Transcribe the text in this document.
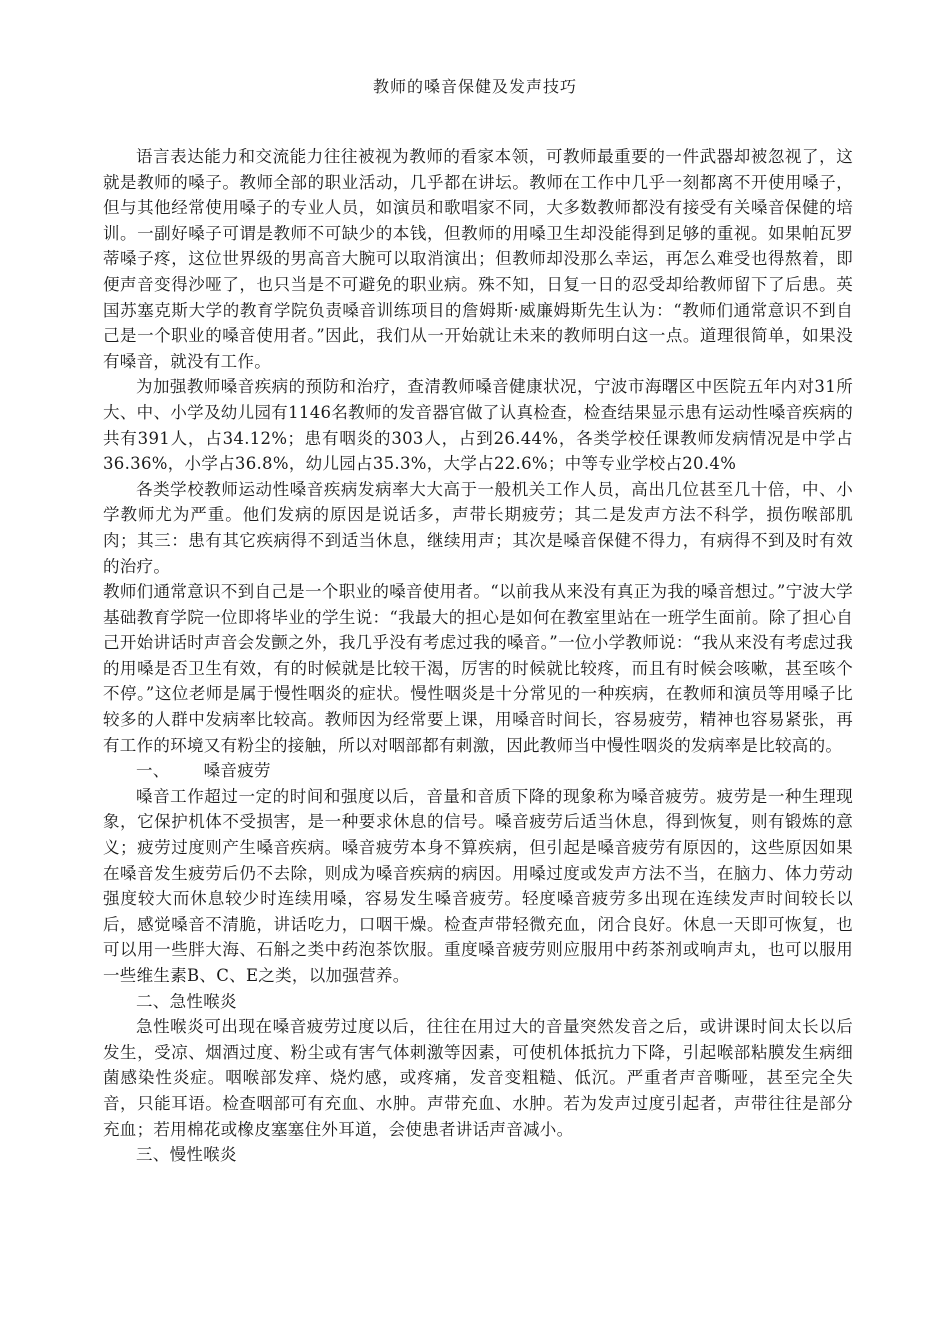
教师的嗓音保健及发声技巧

语言表达能力和交流能力往往被视为教师的看家本领，可教师最重要的一件武器却被忽视了，这就是教师的嗓子。教师全部的职业活动，几乎都在讲坛。教师在工作中几乎一刻都离不开使用嗓子，但与其他经常使用嗓子的专业人员，如演员和歌唱家不同，大多数教师都没有接受有关嗓音保健的培训。一副好嗓子可谓是教师不可缺少的本钱，但教师的用嗓卫生却没能得到足够的重视。如果帕瓦罗蒂嗓子疼，这位世界级的男高音大腕可以取消演出；但教师却没那么幸运，再怎么难受也得熬着，即便声音变得沙哑了，也只当是不可避免的职业病。殊不知，日复一日的忍受却给教师留下了后患。英国苏塞克斯大学的教育学院负责嗓音训练项目的詹姆斯·威廉姆斯先生认为：“教师们通常意识不到自己是一个职业的嗓音使用者。”因此，我们从一开始就让未来的教师明白这一点。道理很简单，如果没有嗓音，就没有工作。

为加强教师嗓音疾病的预防和治疗，查清教师嗓音健康状况，宁波市海曙区中医院五年内对31所大、中、小学及幼儿园有1146名教师的发音器官做了认真检查，检查结果显示患有运动性嗓音疾病的共有391人，占34.12%；患有咽炎的303人，占到26.44%，各类学校任课教师发病情况是中学占36.36%，小学占36.8%，幼儿园占35.3%，大学占22.6%；中等专业学校占20.4%

各类学校教师运动性嗓音疾病发病率大大高于一般机关工作人员，高出几位甚至几十倍，中、小学教师尤为严重。他们发病的原因是说话多，声带长期疲劳；其二是发声方法不科学，损伤喉部肌肉；其三：患有其它疾病得不到适当休息，继续用声；其次是嗓音保健不得力，有病得不到及时有效的治疗。

教师们通常意识不到自己是一个职业的嗓音使用者。“以前我从来没有真正为我的嗓音想过。”宁波大学基础教育学院一位即将毕业的学生说：“我最大的担心是如何在教室里站在一班学生面前。除了担心自己开始讲话时声音会发颤之外，我几乎没有考虑过我的嗓音。”一位小学教师说：“我从来没有考虑过我的用嗓是否卫生有效，有的时候就是比较干渴，厉害的时候就比较疼，而且有时候会咳嗽，甚至咳个不停。”这位老师是属于慢性咽炎的症状。慢性咽炎是十分常见的一种疾病，在教师和演员等用嗓子比较多的人群中发病率比较高。教师因为经常要上课，用嗓音时间长，容易疲劳，精神也容易紧张，再有工作的环境又有粉尘的接触，所以对咽部都有刺激，因此教师当中慢性咽炎的发病率是比较高的。

一、 嗓音疲劳

嗓音工作超过一定的时间和强度以后，音量和音质下降的现象称为嗓音疲劳。疲劳是一种生理现象，它保护机体不受损害，是一种要求休息的信号。嗓音疲劳后适当休息，得到恢复，则有锻炼的意义；疲劳过度则产生嗓音疾病。嗓音疲劳本身不算疾病，但引起是嗓音疲劳有原因的，这些原因如果在嗓音发生疲劳后仍不去除，则成为嗓音疾病的病因。用嗓过度或发声方法不当，在脑力、体力劳动强度较大而休息较少时连续用嗓，容易发生嗓音疲劳。轻度嗓音疲劳多出现在连续发声时间较长以后，感觉嗓音不清脆，讲话吃力，口咽干燥。检查声带轻微充血，闭合良好。休息一天即可恢复，也可以用一些胖大海、石斛之类中药泡茶饮服。重度嗓音疲劳则应服用中药茶剂或响声丸，也可以服用一些维生素B、C、E之类，以加强营养。

二、急性喉炎

急性喉炎可出现在嗓音疲劳过度以后，往往在用过大的音量突然发音之后，或讲课时间太长以后发生，受凉、烟酒过度、粉尘或有害气体刺激等因素，可使机体抵抗力下降，引起喉部粘膜发生病细菌感染性炎症。咽喉部发痒、烧灼感，或疼痛，发音变粗糙、低沉。严重者声音嘶哑，甚至完全失音，只能耳语。检查咽部可有充血、水肿。声带充血、水肿。若为发声过度引起者，声带往往是部分充血；若用棉花或橡皮塞塞住外耳道，会使患者讲话声音减小。

三、慢性喉炎
